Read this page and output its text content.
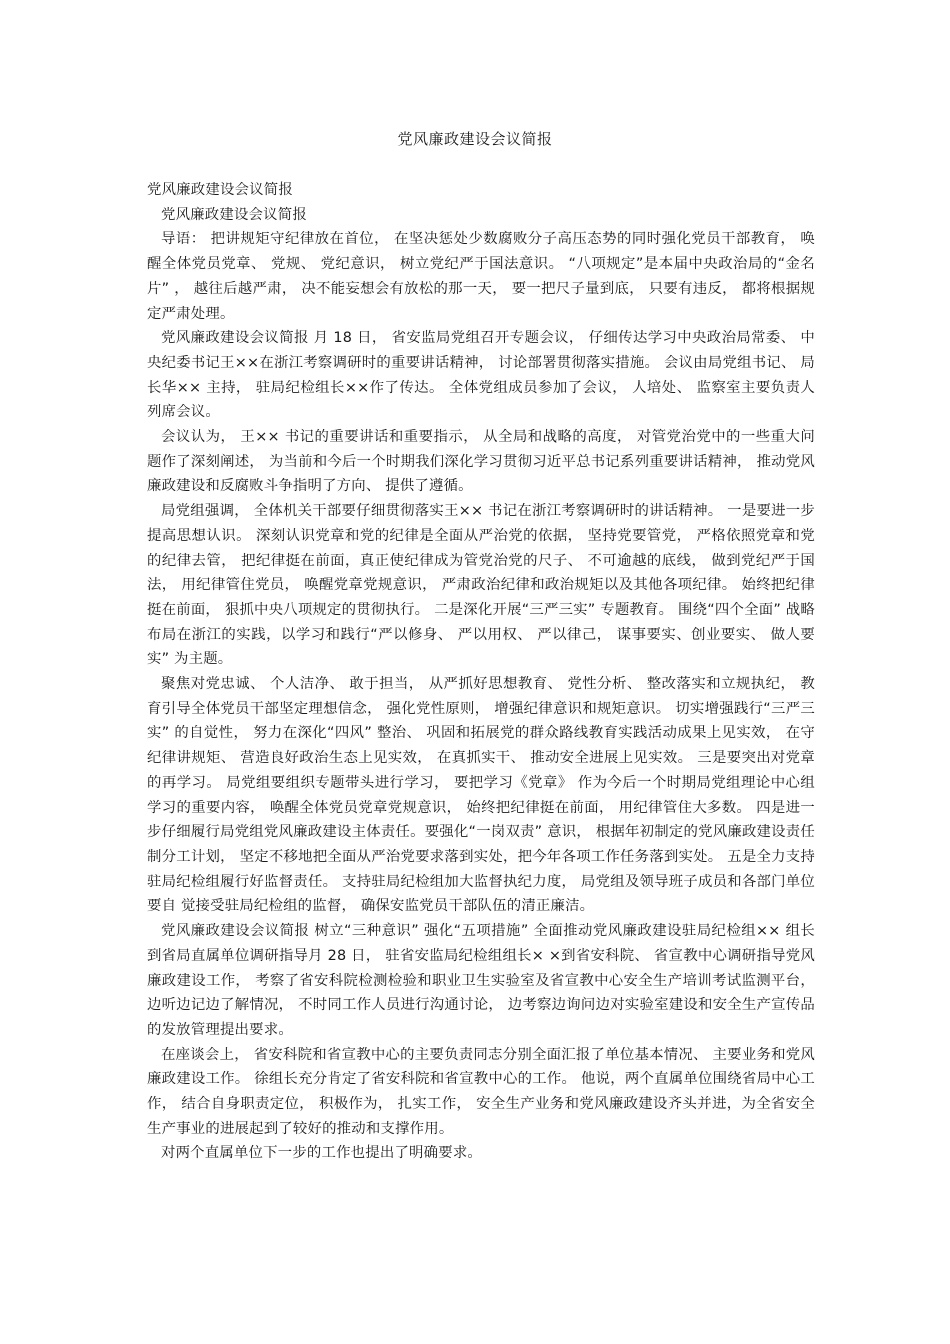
党风廉政建设会议简报

党风廉政建设会议简报

党风廉政建设会议简报

导语： 把讲规矩守纪律放在首位， 在坚决惩处少数腐败分子高压态势的同时强化党员干部教育， 唤醒全体党员党章、 党规、 党纪意识， 树立党纪严于国法意识。 “八项规定”是本届中央政治局的“金名片” ， 越往后越严肃， 决不能妄想会有放松的那一天， 要一把尺子量到底， 只要有违反， 都将根据规定严肃处理。

党风廉政建设会议简报 月 18 日， 省安监局党组召开专题会议， 仔细传达学习中央政治局常委、 中央纪委书记王××在浙江考察调研时的重要讲话精神， 讨论部署贯彻落实措施。 会议由局党组书记、 局长华×× 主持， 驻局纪检组长××作了传达。 全体党组成员参加了会议， 人培处、 监察室主要负责人列席会议。

会议认为， 王×× 书记的重要讲话和重要指示， 从全局和战略的高度， 对管党治党中的一些重大问题作了深刻阐述， 为当前和今后一个时期我们深化学习贯彻习近平总书记系列重要讲话精神， 推动党风廉政建设和反腐败斗争指明了方向、 提供了遵循。

局党组强调， 全体机关干部要仔细贯彻落实王×× 书记在浙江考察调研时的讲话精神。 一是要进一步提高思想认识。 深刻认识党章和党的纪律是全面从严治党的依据， 坚持党要管党， 严格依照党章和党的纪律去管， 把纪律挺在前面，真正使纪律成为管党治党的尺子、 不可逾越的底线， 做到党纪严于国法， 用纪律管住党员， 唤醒党章党规意识， 严肃政治纪律和政治规矩以及其他各项纪律。 始终把纪律挺在前面， 狠抓中央八项规定的贯彻执行。 二是深化开展“三严三实” 专题教育。 围绕“四个全面” 战略布局在浙江的实践，以学习和践行“严以修身、 严以用权、 严以律己， 谋事要实、创业要实、 做人要实” 为主题。

聚焦对党忠诚、 个人洁净、 敢于担当， 从严抓好思想教育、 党性分析、 整改落实和立规执纪， 教育引导全体党员干部坚定理想信念， 强化党性原则， 增强纪律意识和规矩意识。 切实增强践行“三严三实” 的自觉性， 努力在深化“四风” 整治、 巩固和拓展党的群众路线教育实践活动成果上见实效， 在守纪律讲规矩、 营造良好政治生态上见实效， 在真抓实干、 推动安全进展上见实效。 三是要突出对党章的再学习。 局党组要组织专题带头进行学习， 要把学习《党章》 作为今后一个时期局党组理论中心组学习的重要内容， 唤醒全体党员党章党规意识， 始终把纪律挺在前面， 用纪律管住大多数。 四是进一步仔细履行局党组党风廉政建设主体责任。要强化“一岗双责” 意识， 根据年初制定的党风廉政建设责任制分工计划， 坚定不移地把全面从严治党要求落到实处，把今年各项工作任务落到实处。 五是全力支持驻局纪检组履行好监督责任。 支持驻局纪检组加大监督执纪力度， 局党组及领导班子成员和各部门单位要自 觉接受驻局纪检组的监督， 确保安监党员干部队伍的清正廉洁。

党风廉政建设会议简报 树立“三种意识” 强化“五项措施” 全面推动党风廉政建设驻局纪检组×× 组长到省局直属单位调研指导月 28 日， 驻省安监局纪检组组长× ×到省安科院、 省宣教中心调研指导党风廉政建设工作， 考察了省安科院检测检验和职业卫生实验室及省宣教中心安全生产培训考试监测平台， 边听边记边了解情况， 不时同工作人员进行沟通讨论， 边考察边询问边对实验室建设和安全生产宣传品的发放管理提出要求。

在座谈会上， 省安科院和省宣教中心的主要负责同志分别全面汇报了单位基本情况、 主要业务和党风廉政建设工作。 徐组长充分肯定了省安科院和省宣教中心的工作。 他说，两个直属单位围绕省局中心工作， 结合自身职责定位， 积极作为， 扎实工作， 安全生产业务和党风廉政建设齐头并进，为全省安全生产事业的进展起到了较好的推动和支撑作用。

对两个直属单位下一步的工作也提出了明确要求。
